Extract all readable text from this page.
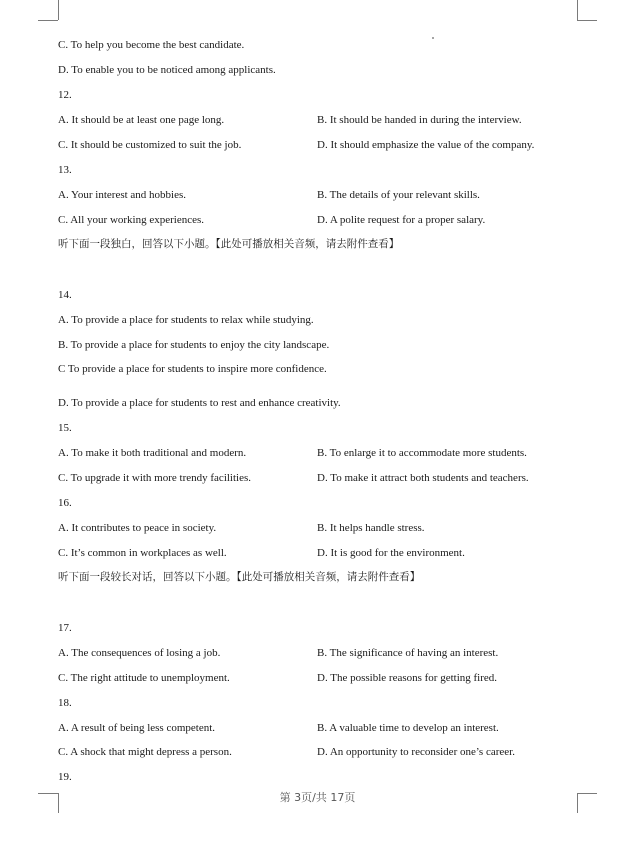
C. To help you become the best candidate.
D. To enable you to be noticed among applicants.
12.
A. It should be at least one page long.	B. It should be handed in during the interview.
C. It should be customized to suit the job.	D. It should emphasize the value of the company.
13.
A. Your interest and hobbies.	B. The details of your relevant skills.
C. All your working experiences.	D. A polite request for a proper salary.
听下面一段独白，回答以下小题。【此处可播放相关音频，请去附件查看】
14.
A. To provide a place for students to relax while studying.
B. To provide a place for students to enjoy the city landscape.
C To provide a place for students to inspire more confidence.
D. To provide a place for students to rest and enhance creativity.
15.
A. To make it both traditional and modern.	B. To enlarge it to accommodate more students.
C. To upgrade it with more trendy facilities.	D. To make it attract both students and teachers.
16.
A. It contributes to peace in society.	B. It helps handle stress.
C. It’s common in workplaces as well.	D. It is good for the environment.
听下面一段较长对话，回答以下小题。【此处可播放相关音频，请去附件查看】
17.
A. The consequences of losing a job.	B. The significance of having an interest.
C. The right attitude to unemployment.	D. The possible reasons for getting fired.
18.
A. A result of being less competent.	B. A valuable time to develop an interest.
C. A shock that might depress a person.	D. An opportunity to reconsider one’s career.
19.
第 3页/共 17页
